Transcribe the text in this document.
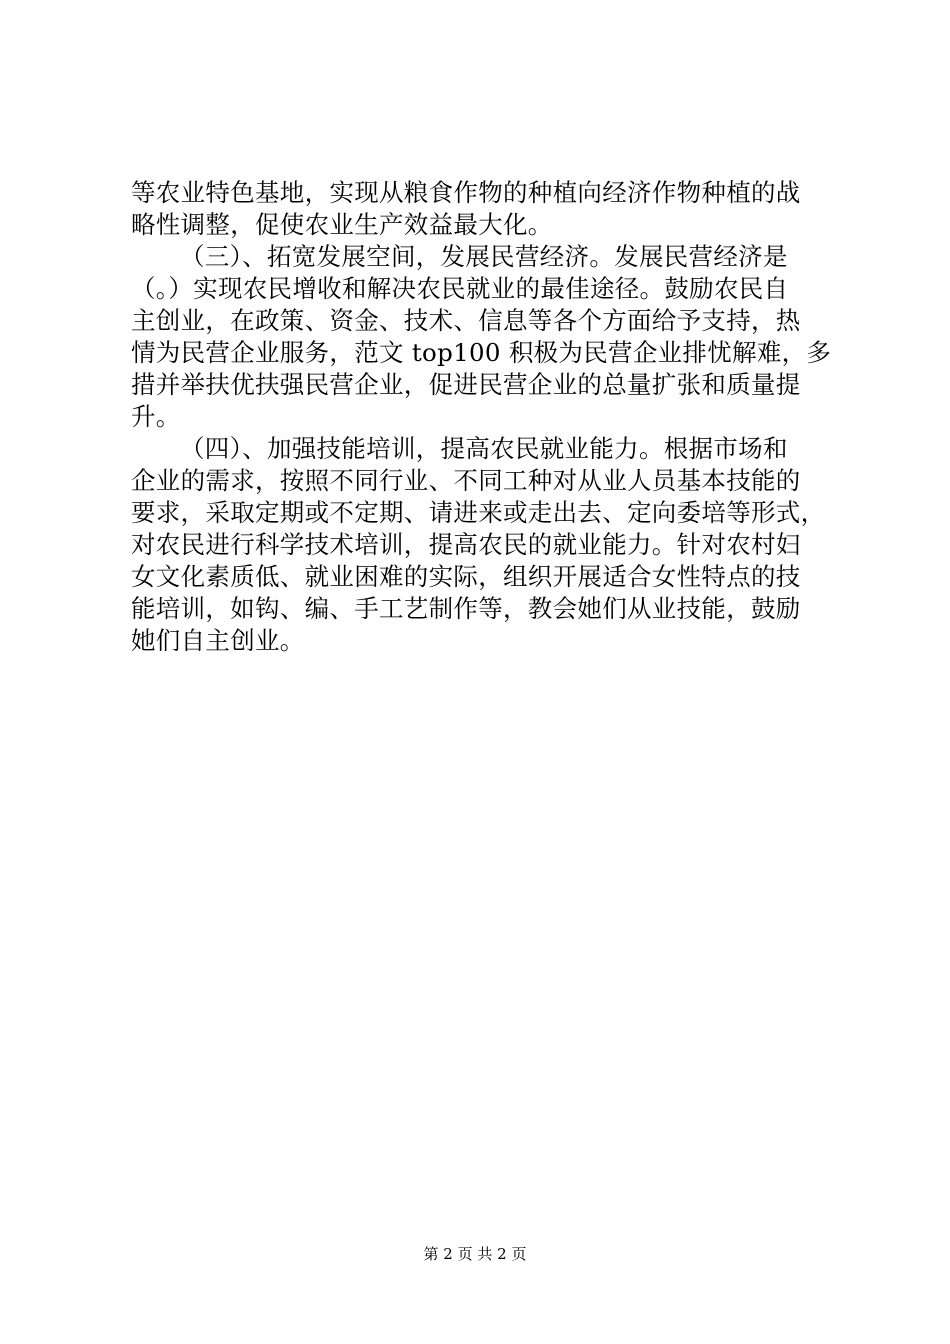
等农业特色基地，实现从粮食作物的种植向经济作物种植的战
略性调整，促使农业生产效益最大化。
（三）、拓宽发展空间，发展民营经济。发展民营经济是
（。）实现农民增收和解决农民就业的最佳途径。鼓励农民自
主创业，在政策、资金、技术、信息等各个方面给予支持，热
情为民营企业服务，范文 top100 积极为民营企业排忧解难，多
措并举扶优扶强民营企业，促进民营企业的总量扩张和质量提
升。
（四）、加强技能培训，提高农民就业能力。根据市场和
企业的需求，按照不同行业、不同工种对从业人员基本技能的
要求，采取定期或不定期、请进来或走出去、定向委培等形式，
对农民进行科学技术培训，提高农民的就业能力。针对农村妇
女文化素质低、就业困难的实际，组织开展适合女性特点的技
能培训，如钩、编、手工艺制作等，教会她们从业技能，鼓励
她们自主创业。
第 2 页 共 2 页
